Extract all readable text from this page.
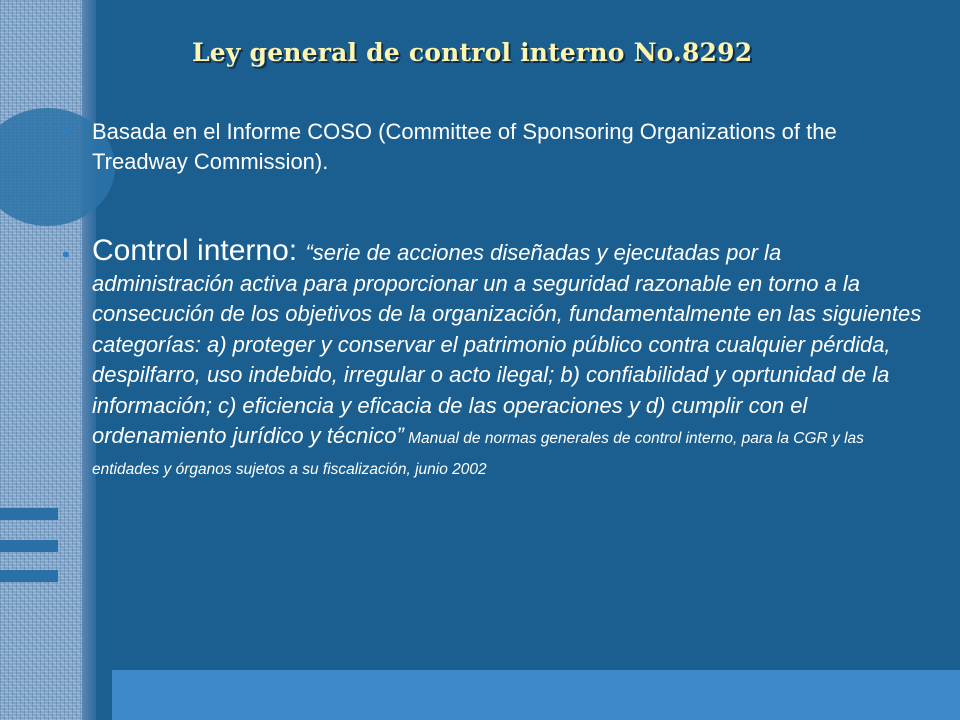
Ley general de control interno No.8292
•	Basada en el Informe COSO (Committee of Sponsoring Organizations of the Treadway Commission).
• Control interno: “serie de acciones diseñadas y ejecutadas por la administración activa para proporcionar un a seguridad razonable en torno a la consecución de los objetivos de la organización, fundamentalmente en las siguientes categorías: a) proteger y conservar el patrimonio público contra cualquier pérdida, despilfarro, uso indebido, irregular o acto ilegal; b) confiabilidad y oprtunidad de la información; c) eficiencia y eficacia de las operaciones y d) cumplir con el ordenamiento jurídico y técnico” Manual de normas generales de control interno, para la CGR y las entidades y órganos sujetos a su fiscalización, junio 2002
